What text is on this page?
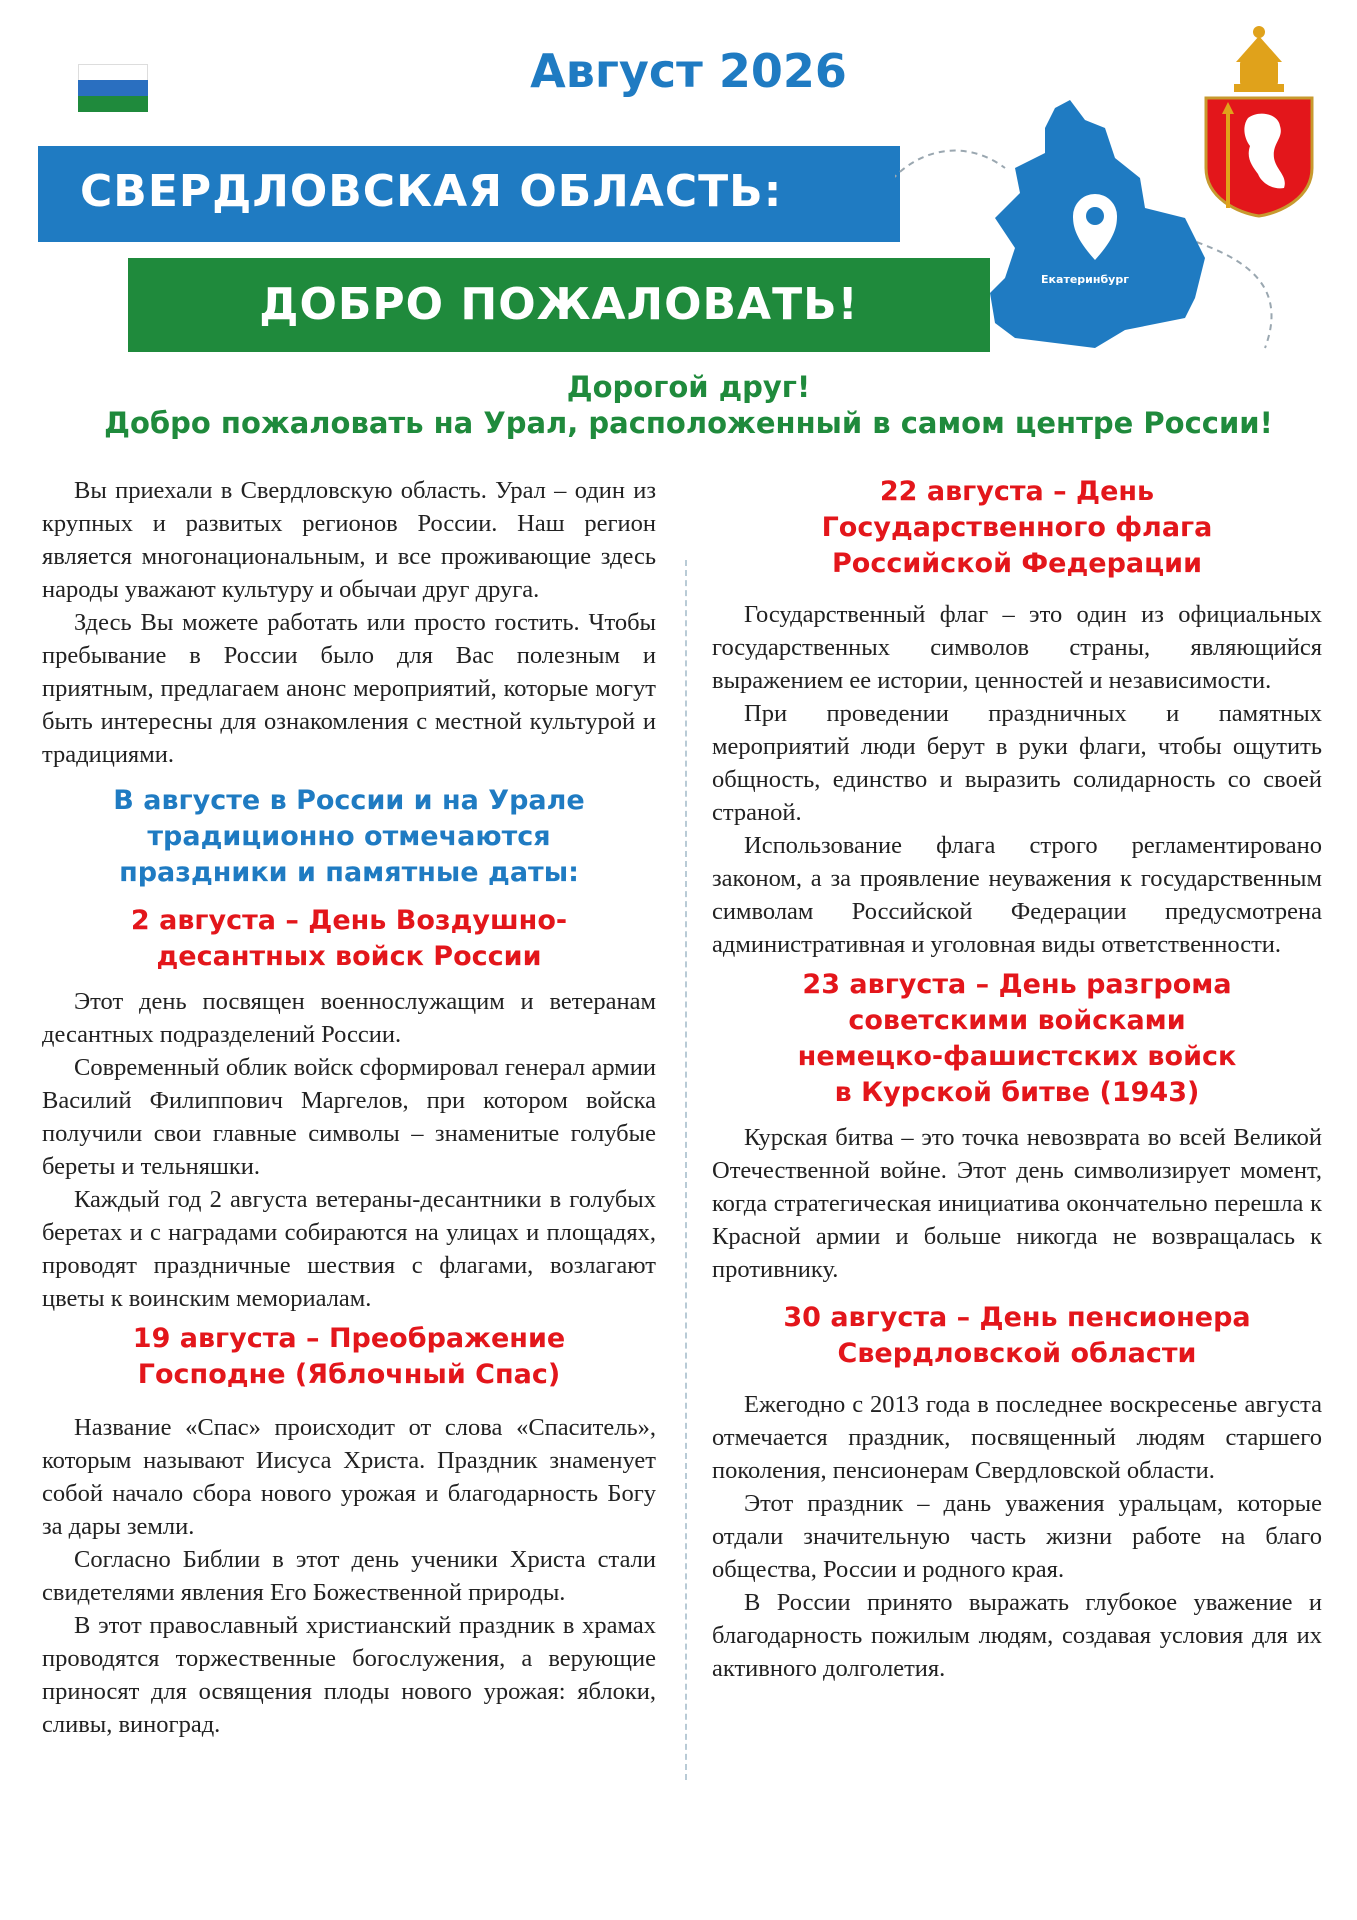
Август 2026
СВЕРДЛОВСКАЯ ОБЛАСТЬ:
ДОБРО ПОЖАЛОВАТЬ!	Екатеринбург
Дорогой друг!
Добро пожаловать на Урал, расположенный в самом центре России!

Вы приехали в Свердловскую область. Урал – один из крупных и развитых регионов России. Наш регион является многонациональным, и все проживающие здесь народы уважают культуру и обычаи друг друга.

Здесь Вы можете работать или просто гостить. Чтобы пребывание в России было для Вас полезным и приятным, предлагаем анонс мероприятий, которые могут быть интересны для ознакомления с местной культурой и традициями.

В августе в России и на Урале
традиционно отмечаются
праздники и памятные даты:
2 августа – День Воздушно-
десантных войск России

Этот день посвящен военнослужащим и ветеранам десантных подразделений России.

Современный облик войск сформировал генерал армии Василий Филиппович Маргелов, при котором войска получили свои главные символы – знаменитые голубые береты и тельняшки.

Каждый год 2 августа ветераны-десантники в голубых беретах и с наградами собираются на улицах и площадях, проводят праздничные шествия с флагами, возлагают цветы к воинским мемориалам.

19 августа – Преображение
Господне (Яблочный Спас)

Название «Спас» происходит от слова «Спаситель», которым называют Иисуса Христа. Праздник знаменует собой начало сбора нового урожая и благодарность Богу за дары земли.

Согласно Библии в этот день ученики Христа стали свидетелями явления Его Божественной природы.

В этот православный христианский праздник в храмах проводятся торжественные богослужения, а верующие приносят для освящения плоды нового урожая: яблоки, сливы, виноград.

22 августа – День
Государственного флага
Российской Федерации

Государственный флаг – это один из официальных государственных символов страны, являющийся выражением ее истории, ценностей и независимости.

При проведении праздничных и памятных мероприятий люди берут в руки флаги, чтобы ощутить общность, единство и выразить солидарность со своей страной.

Использование флага строго регламентировано законом, а за проявление неуважения к государственным символам Российской Федерации предусмотрена административная и уголовная виды ответственности.

23 августа – День разгрома
советскими войсками
немецко-фашистских войск
в Курской битве (1943)

Курская битва – это точка невозврата во всей Великой Отечественной войне. Этот день символизирует момент, когда стратегическая инициатива окончательно перешла к Красной армии и больше никогда не возвращалась к противнику.

30 августа – День пенсионера
Свердловской области

Ежегодно с 2013 года в последнее воскресенье августа отмечается праздник, посвященный людям старшего поколения, пенсионерам Свердловской области.

Этот праздник – дань уважения уральцам, которые отдали значительную часть жизни работе на благо общества, России и родного края.

В России принято выражать глубокое уважение и благодарность пожилым людям, создавая условия для их активного долголетия.
